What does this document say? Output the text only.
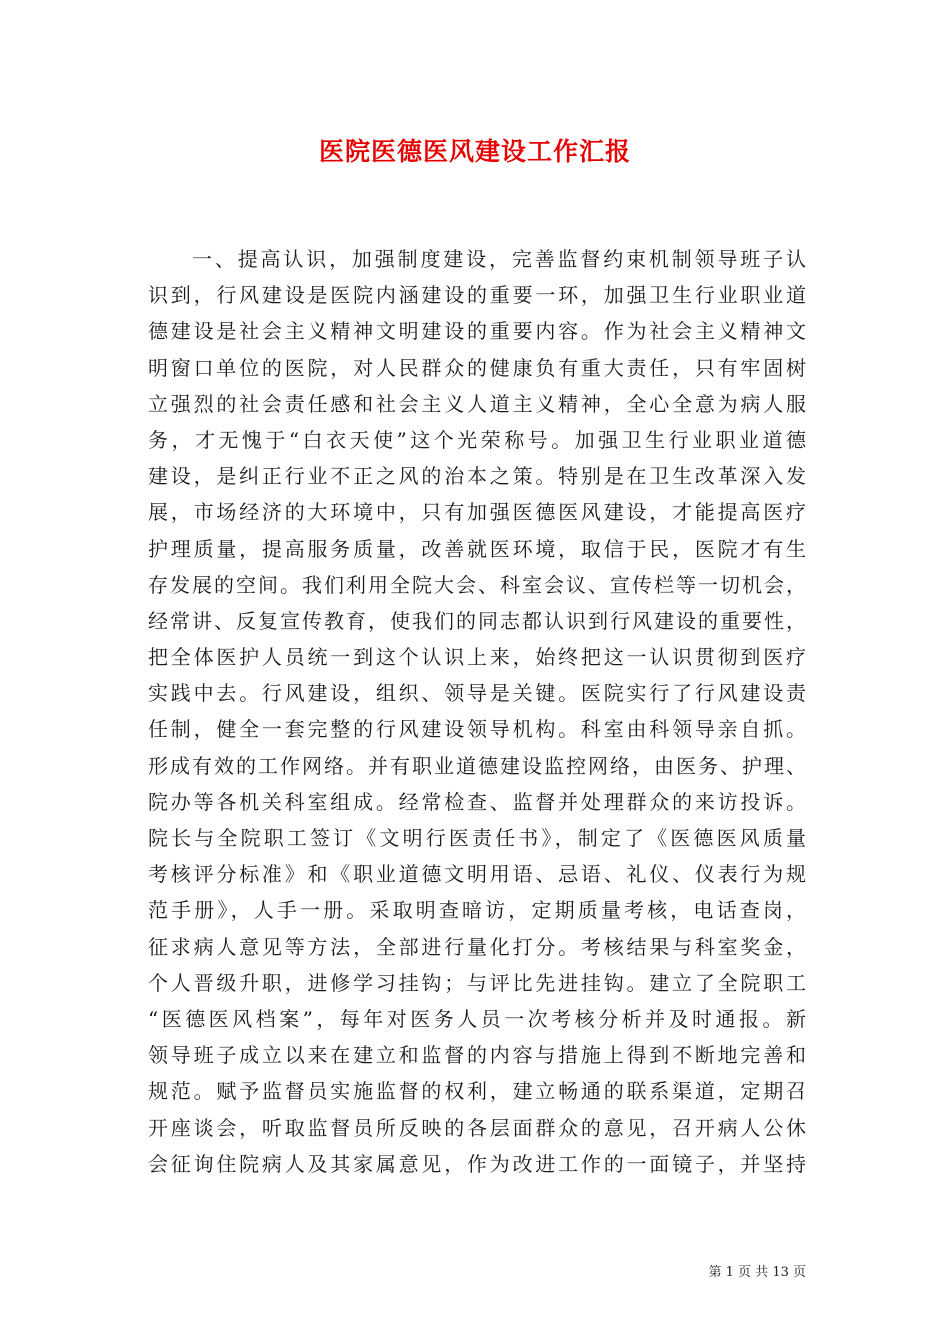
医院医德医风建设工作汇报
一、提高认识，加强制度建设，完善监督约束机制领导班子认
识到，行风建设是医院内涵建设的重要一环，加强卫生行业职业道
德建设是社会主义精神文明建设的重要内容。作为社会主义精神文
明窗口单位的医院，对人民群众的健康负有重大责任，只有牢固树
立强烈的社会责任感和社会主义人道主义精神，全心全意为病人服
务，才无愧于“白衣天使”这个光荣称号。加强卫生行业职业道德
建设，是纠正行业不正之风的治本之策。特别是在卫生改革深入发
展，市场经济的大环境中，只有加强医德医风建设，才能提高医疗
护理质量，提高服务质量，改善就医环境，取信于民，医院才有生
存发展的空间。我们利用全院大会、科室会议、宣传栏等一切机会，
经常讲、反复宣传教育，使我们的同志都认识到行风建设的重要性，
把全体医护人员统一到这个认识上来，始终把这一认识贯彻到医疗
实践中去。行风建设，组织、领导是关键。医院实行了行风建设责
任制，健全一套完整的行风建设领导机构。科室由科领导亲自抓。
形成有效的工作网络。并有职业道德建设监控网络，由医务、护理、
院办等各机关科室组成。经常检查、监督并处理群众的来访投诉。
院长与全院职工签订《文明行医责任书》，制定了《医德医风质量
考核评分标准》和《职业道德文明用语、忌语、礼仪、仪表行为规
范手册》，人手一册。采取明查暗访，定期质量考核，电话查岗，
征求病人意见等方法，全部进行量化打分。考核结果与科室奖金，
个人晋级升职，进修学习挂钩；与评比先进挂钩。建立了全院职工
“医德医风档案”，每年对医务人员一次考核分析并及时通报。新
领导班子成立以来在建立和监督的内容与措施上得到不断地完善和
规范。赋予监督员实施监督的权利，建立畅通的联系渠道，定期召
开座谈会，听取监督员所反映的各层面群众的意见，召开病人公休
会征询住院病人及其家属意见，作为改进工作的一面镜子，并坚持
第 1 页 共 13 页
